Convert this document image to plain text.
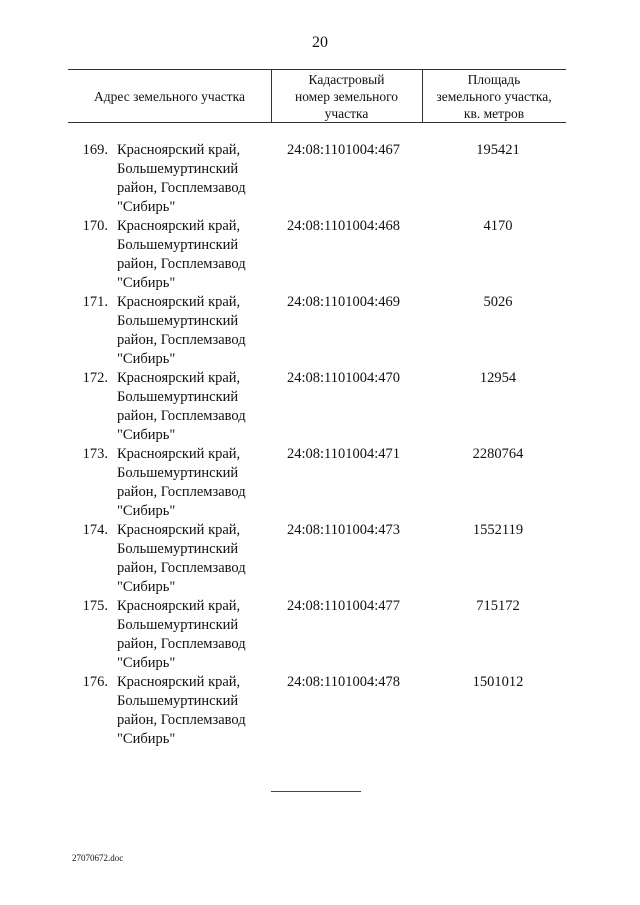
20
Адрес земельного участка
Кадастровый
номер земельного
участка
Площадь
земельного участка,
кв. метров
169. Красноярский край,
Большемуртинский
район, Госплемзавод
"Сибирь"
24:08:1101004:467	195421
170. Красноярский край,
Большемуртинский
район, Госплемзавод
"Сибирь"
24:08:1101004:468	4170
171. Красноярский край,
Большемуртинский
район, Госплемзавод
"Сибирь"
24:08:1101004:469	5026
172. Красноярский край,
Большемуртинский
район, Госплемзавод
"Сибирь"
24:08:1101004:470	12954
173. Красноярский край,
Большемуртинский
район, Госплемзавод
"Сибирь"
24:08:1101004:471	2280764
174. Красноярский край,
Большемуртинский
район, Госплемзавод
"Сибирь"
24:08:1101004:473	1552119
175. Красноярский край,
Большемуртинский
район, Госплемзавод
"Сибирь"
24:08:1101004:477	715172
176. Красноярский край,
Большемуртинский
район, Госплемзавод
"Сибирь"
24:08:1101004:478	1501012
27070672.doc
